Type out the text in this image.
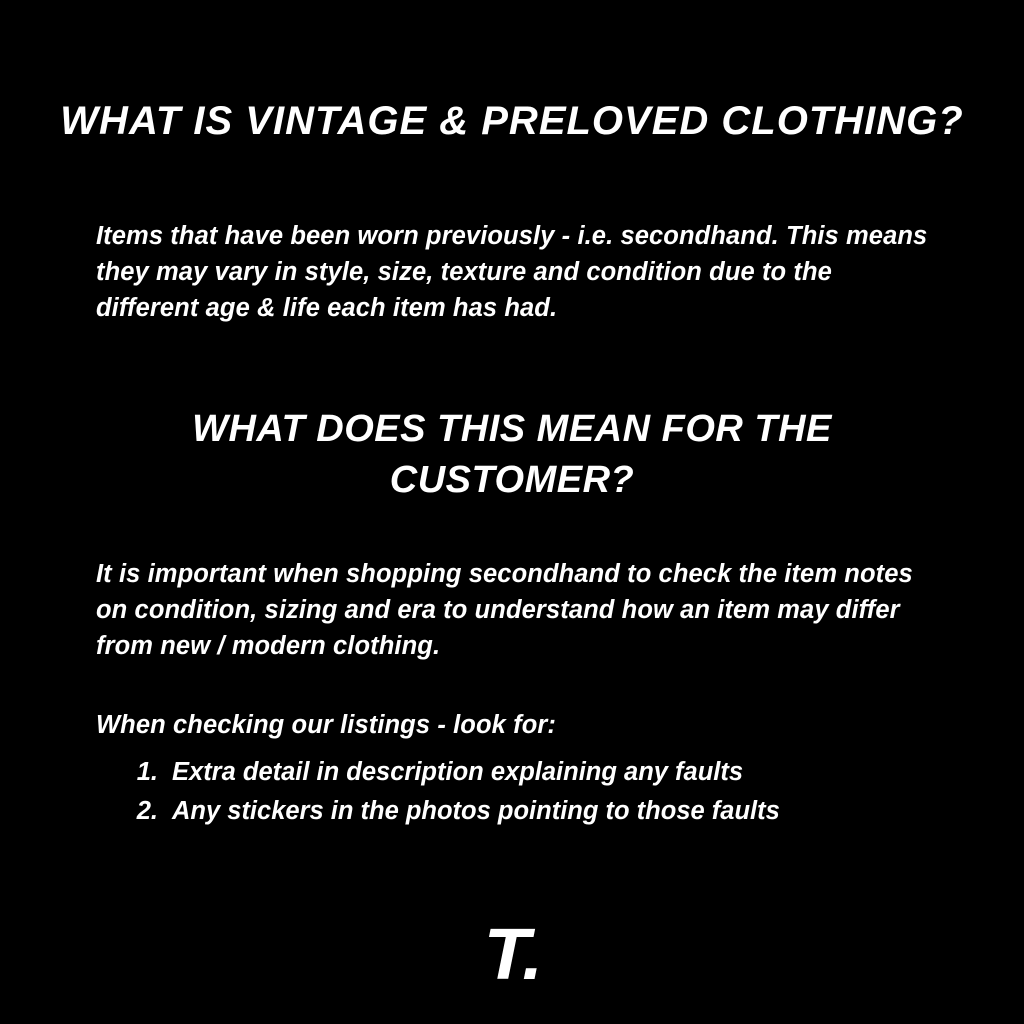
WHAT IS VINTAGE & PRELOVED CLOTHING?

Items that have been worn previously - i.e. secondhand. This means they may vary in style, size, texture and condition due to the different age & life each item has had.

WHAT DOES THIS MEAN FOR THE CUSTOMER?

It is important when shopping secondhand to check the item notes on condition, sizing and era to understand how an item may differ from new / modern clothing.

When checking our listings - look for:

1. Extra detail in description explaining any faults
2. Any stickers in the photos pointing to those faults
T.
